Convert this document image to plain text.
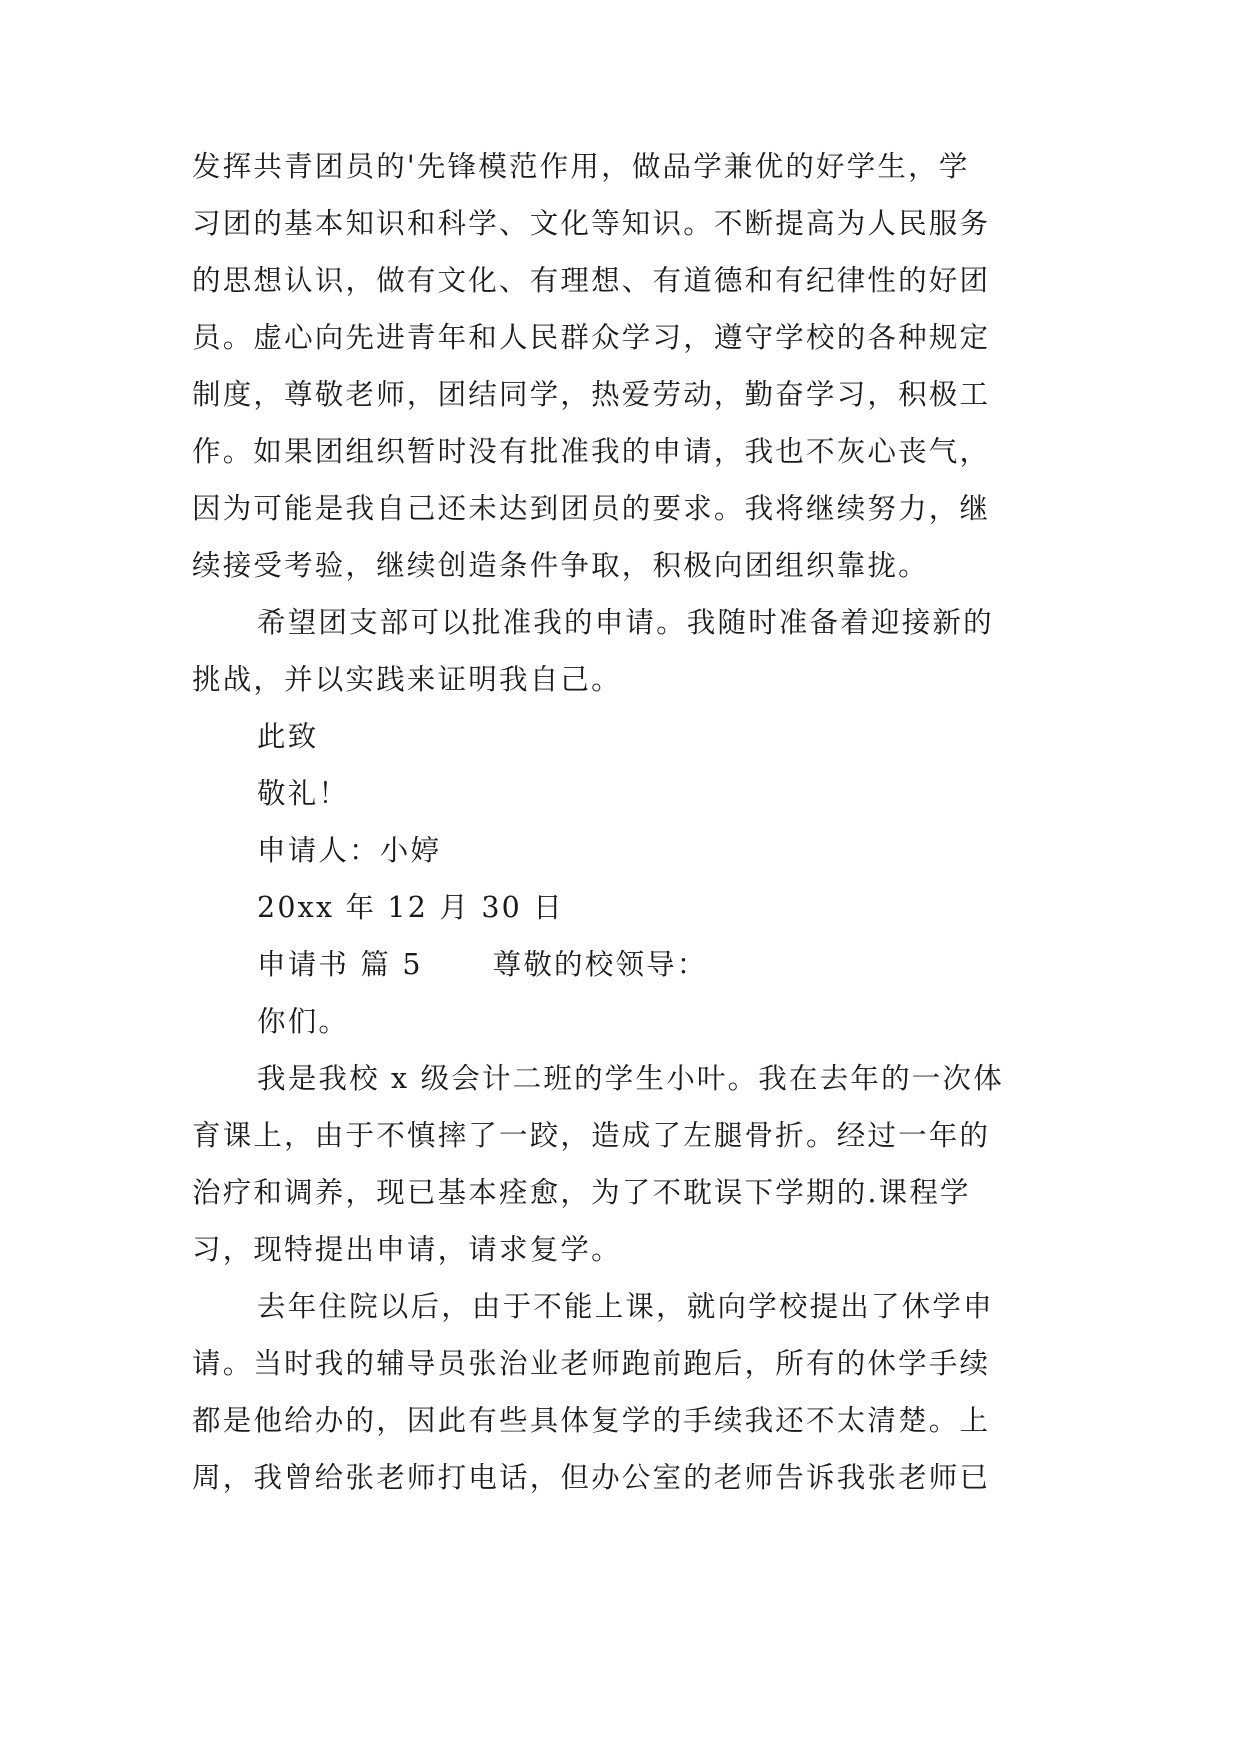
发挥共青团员的'先锋模范作用，做品学兼优的好学生，学
习团的基本知识和科学、文化等知识。不断提高为人民服务
的思想认识，做有文化、有理想、有道德和有纪律性的好团
员。虚心向先进青年和人民群众学习，遵守学校的各种规定
制度，尊敬老师，团结同学，热爱劳动，勤奋学习，积极工
作。如果团组织暂时没有批准我的申请，我也不灰心丧气，
因为可能是我自己还未达到团员的要求。我将继续努力，继
续接受考验，继续创造条件争取，积极向团组织靠拢。
希望团支部可以批准我的申请。我随时准备着迎接新的
挑战，并以实践来证明我自己。
此致
敬礼！
申请人：小婷
20xx 年 12 月 30 日
申请书 篇 5 尊敬的校领导：
你们。
我是我校 x 级会计二班的学生小叶。我在去年的一次体
育课上，由于不慎摔了一跤，造成了左腿骨折。经过一年的
治疗和调养，现已基本痊愈，为了不耽误下学期的.课程学
习，现特提出申请，请求复学。
去年住院以后，由于不能上课，就向学校提出了休学申
请。当时我的辅导员张治业老师跑前跑后，所有的休学手续
都是他给办的，因此有些具体复学的手续我还不太清楚。上
周，我曾给张老师打电话，但办公室的老师告诉我张老师已
